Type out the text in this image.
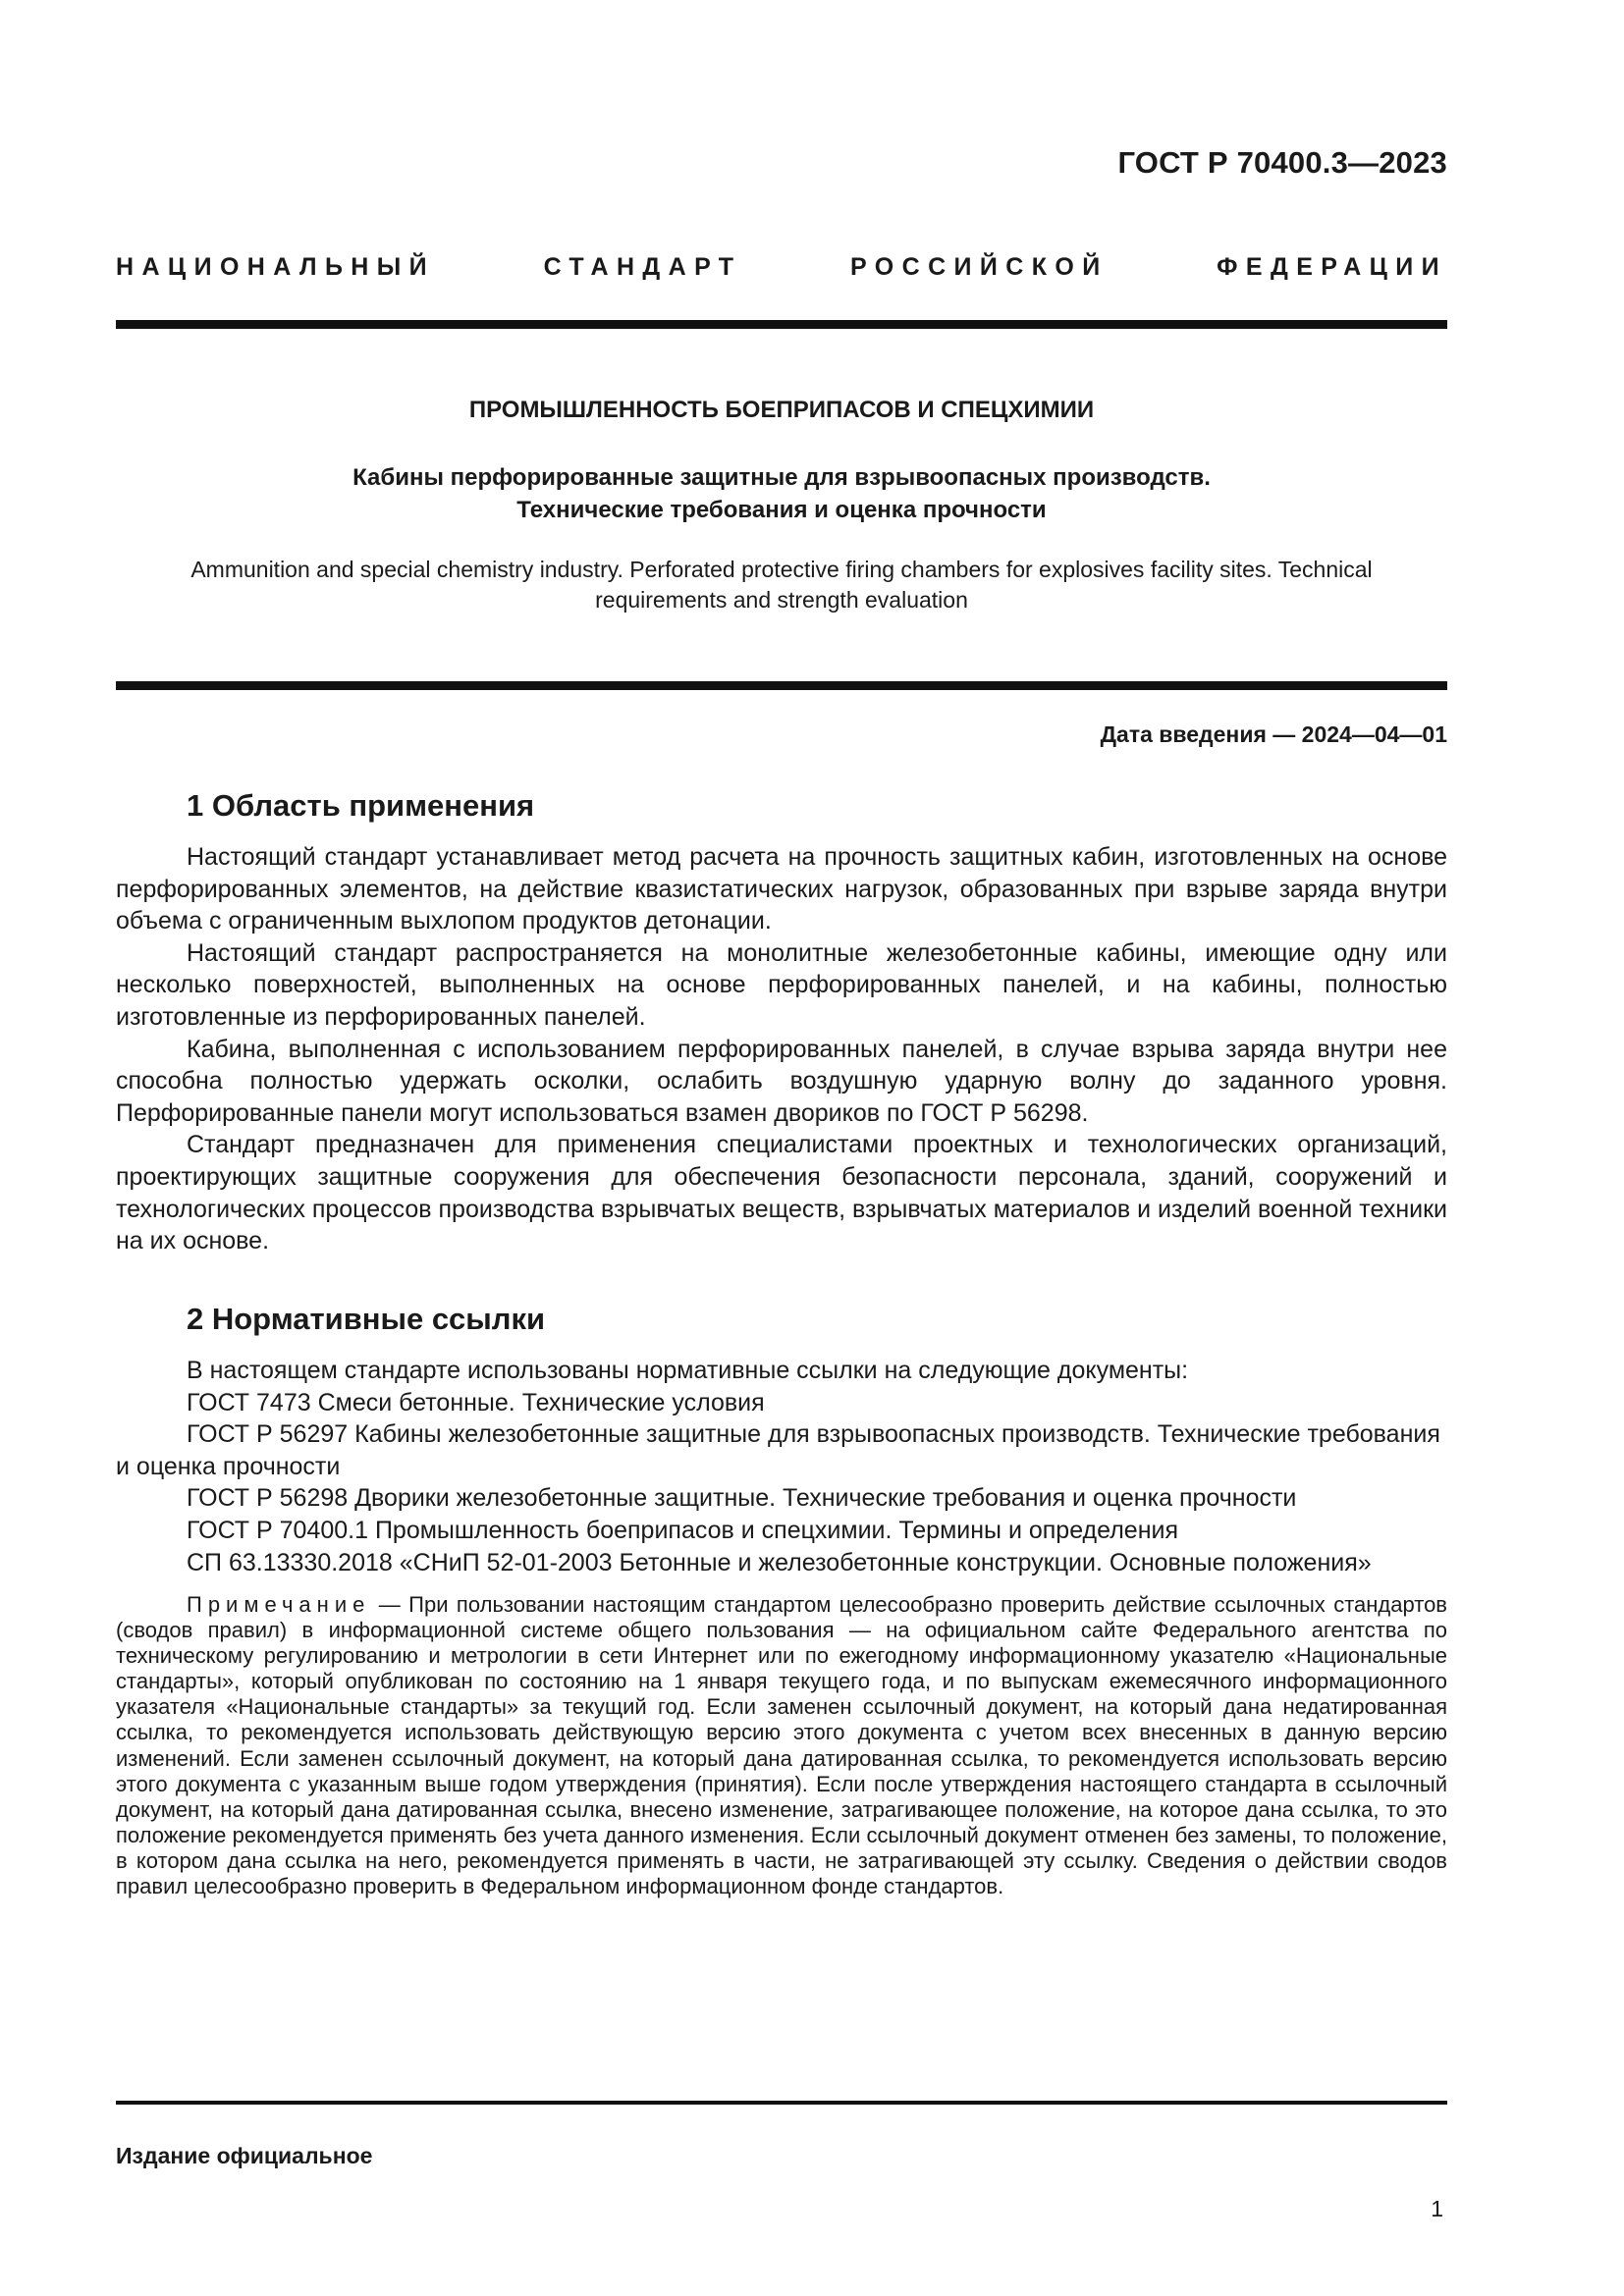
ГОСТ Р 70400.3—2023
НАЦИОНАЛЬНЫЙ СТАНДАРТ РОССИЙСКОЙ ФЕДЕРАЦИИ
ПРОМЫШЛЕННОСТЬ БОЕПРИПАСОВ И СПЕЦХИМИИ
Кабины перфорированные защитные для взрывоопасных производств.
Технические требования и оценка прочности
Ammunition and special chemistry industry. Perforated protective firing chambers for explosives facility sites. Technical
requirements and strength evaluation
Дата введения — 2024—04—01
1 Область применения

Настоящий стандарт устанавливает метод расчета на прочность защитных кабин, изготовленных на основе перфорированных элементов, на действие квазистатических нагрузок, образованных при взрыве заряда внутри объема с ограниченным выхлопом продуктов детонации.

Настоящий стандарт распространяется на монолитные железобетонные кабины, имеющие одну или несколько поверхностей, выполненных на основе перфорированных панелей, и на кабины, полностью изготовленные из перфорированных панелей.

Кабина, выполненная с использованием перфорированных панелей, в случае взрыва заряда внутри нее способна полностью удержать осколки, ослабить воздушную ударную волну до заданного уровня. Перфорированные панели могут использоваться взамен двориков по ГОСТ Р 56298.

Стандарт предназначен для применения специалистами проектных и технологических организаций, проектирующих защитные сооружения для обеспечения безопасности персонала, зданий, сооружений и технологических процессов производства взрывчатых веществ, взрывчатых материалов и изделий военной техники на их основе.

2 Нормативные ссылки

В настоящем стандарте использованы нормативные ссылки на следующие документы:

ГОСТ 7473 Смеси бетонные. Технические условия

ГОСТ Р 56297 Кабины железобетонные защитные для взрывоопасных производств. Технические требования и оценка прочности

ГОСТ Р 56298 Дворики железобетонные защитные. Технические требования и оценка прочности

ГОСТ Р 70400.1 Промышленность боеприпасов и спецхимии. Термины и определения

СП 63.13330.2018 «СНиП 52-01-2003 Бетонные и железобетонные конструкции. Основные положения»

Примечание — При пользовании настоящим стандартом целесообразно проверить действие ссылочных стандартов (сводов правил) в информационной системе общего пользования — на официальном сайте Федерального агентства по техническому регулированию и метрологии в сети Интернет или по ежегодному информационному указателю «Национальные стандарты», который опубликован по состоянию на 1 января текущего года, и по выпускам ежемесячного информационного указателя «Национальные стандарты» за текущий год. Если заменен ссылочный документ, на который дана недатированная ссылка, то рекомендуется использовать действующую версию этого документа с учетом всех внесенных в данную версию изменений. Если заменен ссылочный документ, на который дана датированная ссылка, то рекомендуется использовать версию этого документа с указанным выше годом утверждения (принятия). Если после утверждения настоящего стандарта в ссылочный документ, на который дана датированная ссылка, внесено изменение, затрагивающее положение, на которое дана ссылка, то это положение рекомендуется применять без учета данного изменения. Если ссылочный документ отменен без замены, то положение, в котором дана ссылка на него, рекомендуется применять в части, не затрагивающей эту ссылку. Сведения о действии сводов правил целесообразно проверить в Федеральном информационном фонде стандартов.
Издание официальное
1
